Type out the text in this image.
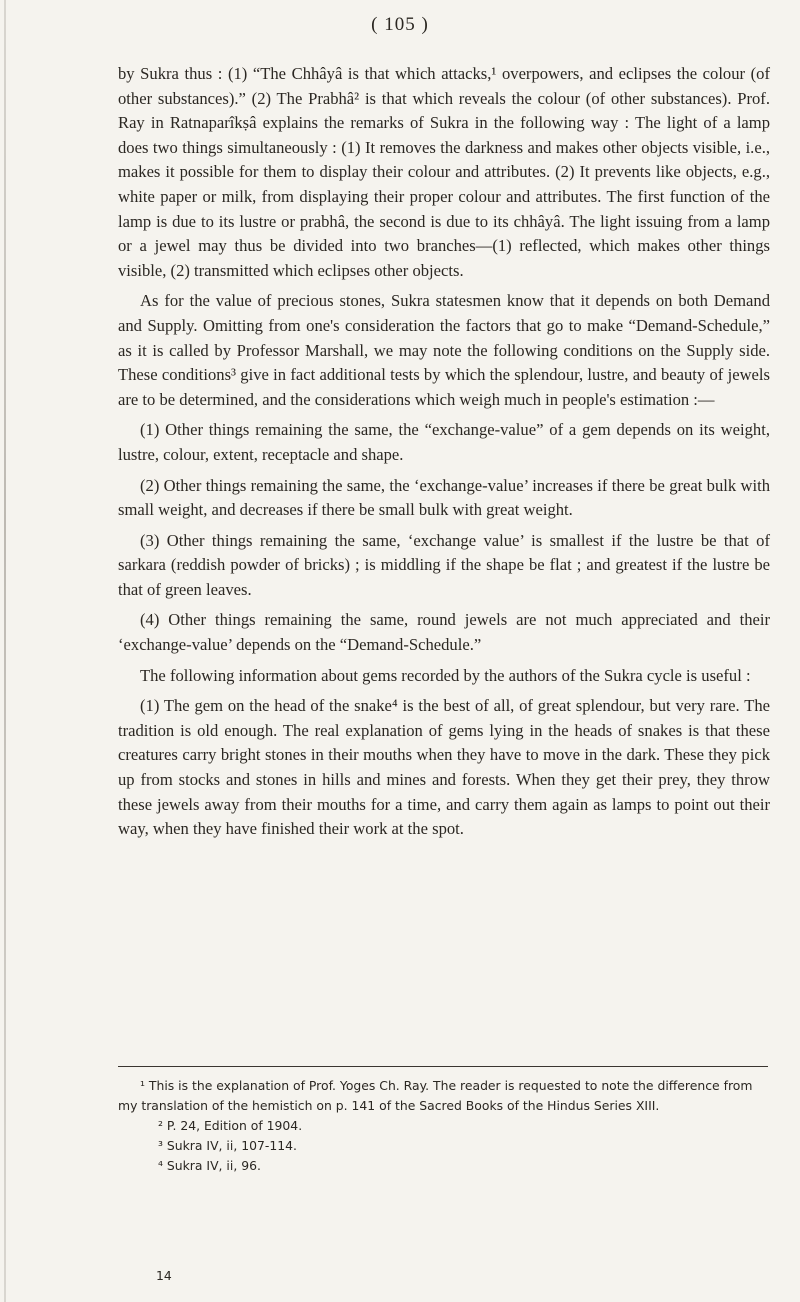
( 105 )

by Sukra thus : (1) “The Chhâyâ is that which attacks,¹ overpowers, and eclipses the colour (of other substances).” (2) The Prabhâ² is that which reveals the colour (of other substances). Prof. Ray in Ratnaparîkṣâ explains the remarks of Sukra in the following way : The light of a lamp does two things simultaneously : (1) It removes the darkness and makes other objects visible, i.e., makes it possible for them to display their colour and attributes. (2) It prevents like objects, e.g., white paper or milk, from displaying their proper colour and attributes. The first function of the lamp is due to its lustre or prabhâ, the second is due to its chhâyâ. The light issuing from a lamp or a jewel may thus be divided into two branches—(1) reflected, which makes other things visible, (2) transmitted which eclipses other objects.

As for the value of precious stones, Sukra statesmen know that it depends on both Demand and Supply. Omitting from one's consideration the factors that go to make “Demand-Schedule,” as it is called by Professor Marshall, we may note the following conditions on the Supply side. These conditions³ give in fact additional tests by which the splendour, lustre, and beauty of jewels are to be determined, and the considerations which weigh much in people's estimation :—

(1) Other things remaining the same, the “exchange-value” of a gem depends on its weight, lustre, colour, extent, receptacle and shape.

(2) Other things remaining the same, the ‘exchange-value’ increases if there be great bulk with small weight, and decreases if there be small bulk with great weight.

(3) Other things remaining the same, ‘exchange value’ is smallest if the lustre be that of sarkara (reddish powder of bricks) ; is middling if the shape be flat ; and greatest if the lustre be that of green leaves.

(4) Other things remaining the same, round jewels are not much appreciated and their ‘exchange-value’ depends on the “Demand-Schedule.”

The following information about gems recorded by the authors of the Sukra cycle is useful :

(1) The gem on the head of the snake⁴ is the best of all, of great splendour, but very rare. The tradition is old enough. The real explanation of gems lying in the heads of snakes is that these creatures carry bright stones in their mouths when they have to move in the dark. These they pick up from stocks and stones in hills and mines and forests. When they get their prey, they throw these jewels away from their mouths for a time, and carry them again as lamps to point out their way, when they have finished their work at the spot.

¹ This is the explanation of Prof. Yoges Ch. Ray. The reader is requested to note the difference from my translation of the hemistich on p. 141 of the Sacred Books of the Hindus Series XIII.

² P. 24, Edition of 1904.

³ Sukra IV, ii, 107-114.

⁴ Sukra IV, ii, 96.

14
